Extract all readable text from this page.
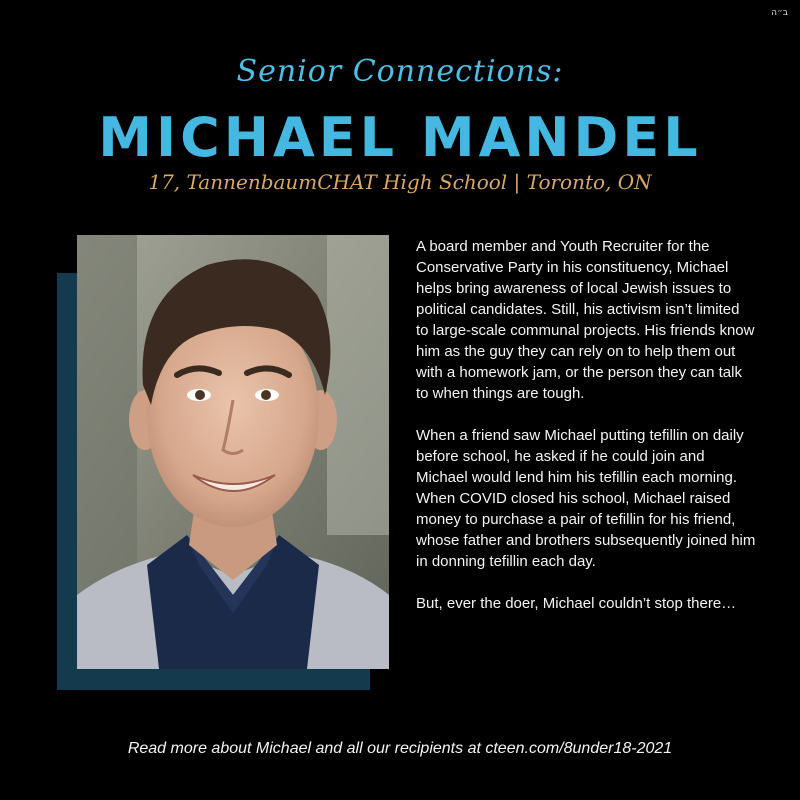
ב״ה
Senior Connections:
MICHAEL MANDEL
17, TannenbaumCHAT High School | Toronto, ON

A board member and Youth Recruiter for the Conservative Party in his constituency, Michael helps bring awareness of local Jewish issues to political candidates. Still, his activism isn’t limited to large-scale communal projects. His friends know him as the guy they can rely on to help them out with a homework jam, or the person they can talk to when things are tough.

When a friend saw Michael putting tefillin on daily before school, he asked if he could join and Michael would lend him his tefillin each morning. When COVID closed his school, Michael raised money to purchase a pair of tefillin for his friend, whose father and brothers subsequently joined him in donning tefillin each day.

But, ever the doer, Michael couldn’t stop there…

Read more about Michael and all our recipients at cteen.com/8under18-2021
